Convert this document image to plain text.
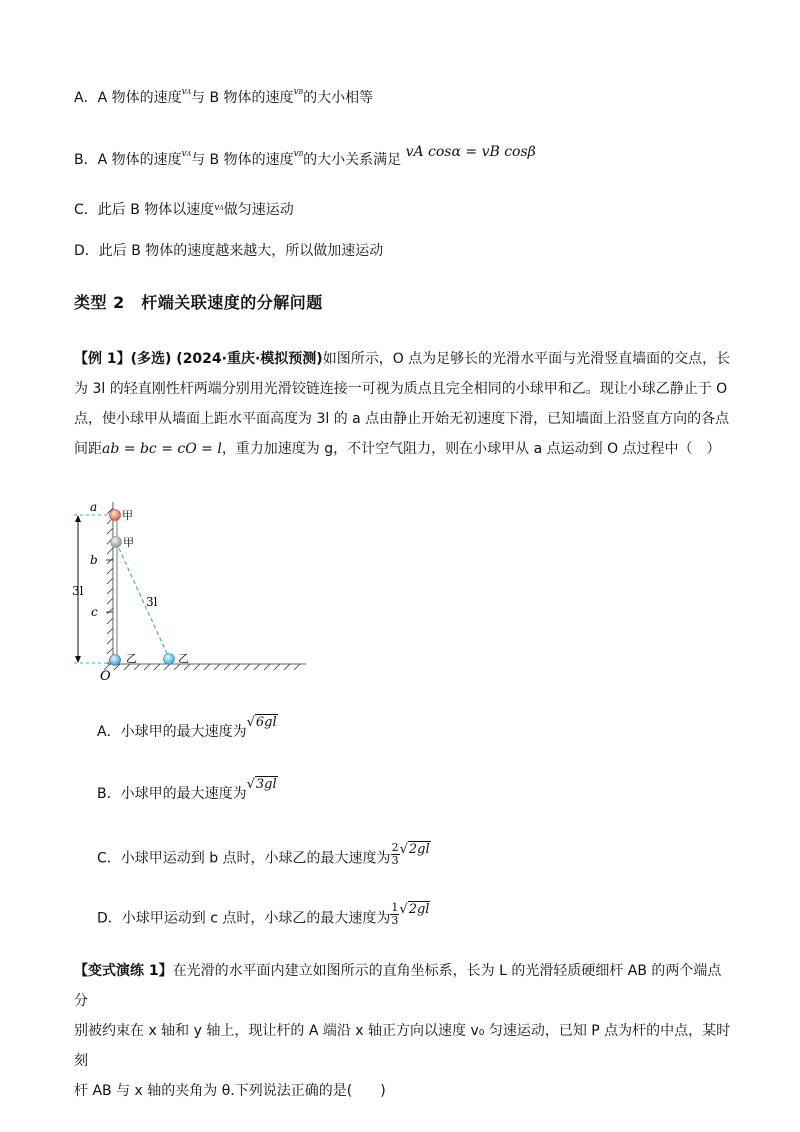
A．A 物体的速度$^{vA}$与 B 物体的速度$^{vB}$的大小相等
B．A 物体的速度$^{vA}$与 B 物体的速度$^{vB}$的大小关系满足 vA cosα = vB cosβ
C．此后 B 物体以速度$^{vA}$做匀速运动
D．此后 B 物体的速度越来越大，所以做加速运动
类型 2　杆端关联速度的分解问题
【例 1】(多选) (2024·重庆·模拟预测)如图所示，O 点为足够长的光滑水平面与光滑竖直墙面的交点，长
为 3l 的轻直刚性杆两端分别用光滑铰链连接一可视为质点且完全相同的小球甲和乙。现让小球乙静止于 O
点，使小球甲从墙面上距水平面高度为 3l 的 a 点由静止开始无初速度下滑，已知墙面上沿竖直方向的各点
间距ab = bc = cO = l，重力加速度为 g，不计空气阻力，则在小球甲从 a 点运动到 O 点过程中（　）
a
b
c
O
3l
3l
甲
甲
乙	乙
A．小球甲的最大速度为√6gl
B．小球甲的最大速度为√3gl
C．小球甲运动到 b 点时，小球乙的最大速度为 $\frac{2}{3} √2gl$
D．小球甲运动到 c 点时，小球乙的最大速度为 $\frac{1}{3} √2gl$
【变式演练 1】在光滑的水平面内建立如图所示的直角坐标系，长为 L 的光滑轻质硬细杆 AB 的两个端点分
别被约束在 x 轴和 y 轴上，现让杆的 A 端沿 x 轴正方向以速度 v₀ 匀速运动，已知 P 点为杆的中点，某时刻
杆 AB 与 x 轴的夹角为 θ.下列说法正确的是(　　)
